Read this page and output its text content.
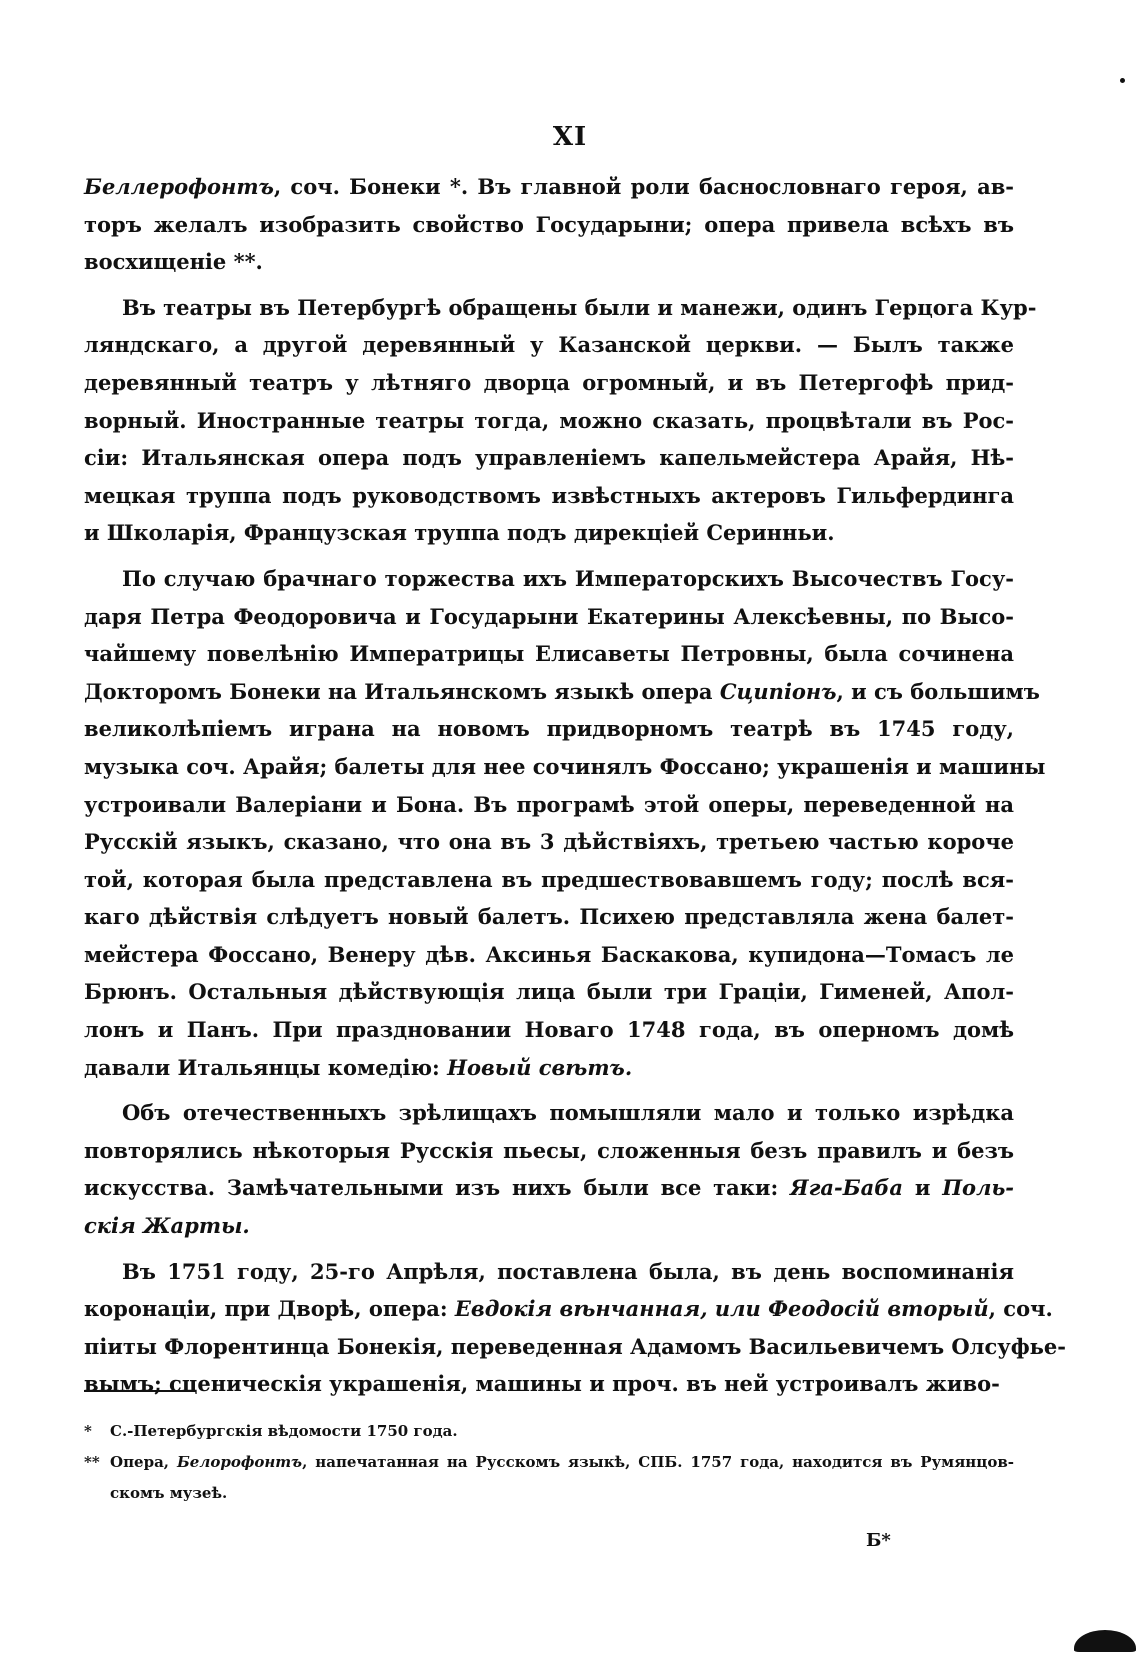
XI
Беллерофонтъ, соч. Бонеки *. Въ главной роли баснословнаго героя, ав-
торъ желалъ изобразить свойство Государыни; опера привела всѣхъ въ
восхищеніе **.
Въ театры въ Петербургѣ обращены были и манежи, одинъ Герцога Кур-
ляндскаго, а другой деревянный у Казанской церкви. — Былъ также
деревянный театръ у лѣтняго дворца огромный, и въ Петергофѣ прид-
ворный. Иностранные театры тогда, можно сказать, процвѣтали въ Рос-
сіи: Итальянская опера подъ управленіемъ капельмейстера Арайя, Нѣ-
мецкая труппа подъ руководствомъ извѣстныхъ актеровъ Гильфердинга
и Школарія, Французская труппа подъ дирекціей Серинньи.
По случаю брачнаго торжества ихъ Императорскихъ Высочествъ Госу-
даря Петра Феодоровича и Государыни Екатерины Алексѣевны, по Высо-
чайшему повелѣнію Императрицы Елисаветы Петровны, была сочинена
Докторомъ Бонеки на Итальянскомъ языкѣ опера Сципіонъ, и съ большимъ
великолѣпіемъ играна на новомъ придворномъ театрѣ въ 1745 году,
музыка соч. Арайя; балеты для нее сочинялъ Фоссано; украшенія и машины
устроивали Валеріани и Бона. Въ програмѣ этой оперы, переведенной на
Русскій языкъ, сказано, что она въ 3 дѣйствіяхъ, третьею частью короче
той, которая была представлена въ предшествовавшемъ году; послѣ вся-
каго дѣйствія слѣдуетъ новый балетъ. Психею представляла жена балет-
мейстера Фоссано, Венеру дѣв. Аксинья Баскакова, купидона—Томасъ ле
Брюнъ. Остальныя дѣйствующія лица были три Граціи, Гименей, Апол-
лонъ и Панъ. При праздновании Новаго 1748 года, въ оперномъ домѣ
давали Итальянцы комедію: Новый свѣтъ.
Объ отечественныхъ зрѣлищахъ помышляли мало и только изрѣдка
повторялись нѣкоторыя Русскія пьесы, сложенныя безъ правилъ и безъ
искусства. Замѣчательными изъ нихъ были все таки: Яга-Баба и Поль-
скія Жарты.
Въ 1751 году, 25-го Апрѣля, поставлена была, въ день воспоминанія
коронаціи, при Дворѣ, опера: Евдокія вѣнчанная, или Феодосій вторый, соч.
піиты Флорентинца Бонекія, переведенная Адамомъ Васильевичемъ Олсуфье-
вымъ; сценическія украшенія, машины и проч. въ ней устроивалъ живо-
* С.-Петербургскія вѣдомости 1750 года.
** Опера, Белорофонтъ, напечатанная на Русскомъ языкѣ, СПБ. 1757 года, находится въ Румянцов-
скомъ музеѣ.
Б*
